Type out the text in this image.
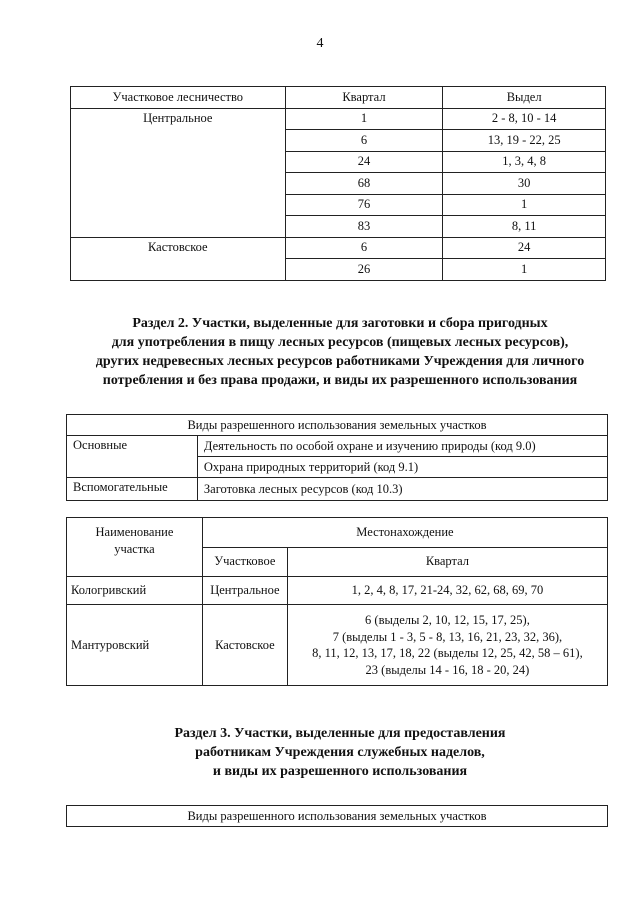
4
Участковое лесничество	Квартал	Выдел
Центральное	1	2 - 8, 10 - 14
	6	13, 19 - 22, 25
	24	1, 3, 4, 8
	68	30
	76	1
	83	8, 11
Кастовское	6	24
	26	1
Раздел 2. Участки, выделенные для заготовки и сбора пригодных
для употребления в пищу лесных ресурсов (пищевых лесных ресурсов),
других недревесных лесных ресурсов работниками Учреждения для личного
потребления и без права продажи, и виды их разрешенного использования
Виды разрешенного использования земельных участков	
Основные	Деятельность по особой охране и изучению природы (код 9.0)
	Охрана природных территорий (код 9.1)
Вспомогательные	Заготовка лесных ресурсов (код 10.3)
Наименование участка	Местонахождение	
	Участковое	Квартал
Кологривский	Центральное	1, 2, 4, 8, 17, 21-24, 32, 62, 68, 69, 70
Мантуровский	Кастовское	6 (выделы 2, 10, 12, 15, 17, 25),
7 (выделы 1 - 3, 5 - 8, 13, 16, 21, 23, 32, 36),
8, 11, 12, 13, 17, 18, 22 (выделы 12, 25, 42, 58 – 61),
23 (выделы 14 - 16, 18 - 20, 24)
Раздел 3. Участки, выделенные для предоставления
работникам Учреждения служебных наделов,
и виды их разрешенного использования
Виды разрешенного использования земельных участков
